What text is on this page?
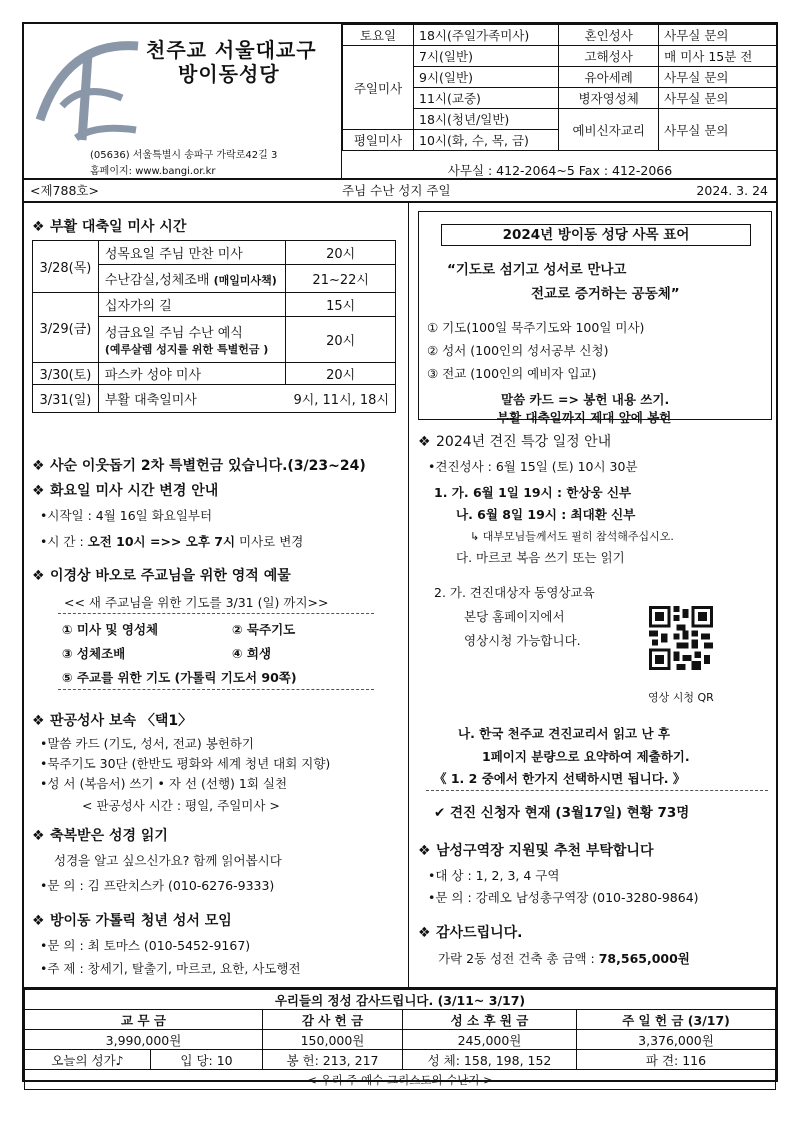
천주교 서울대교구
방이동성당
(05636) 서울특별시 송파구 가락로42길 3
홈페이지: www.bangi.or.kr
토요일	18시(주일가족미사)	혼인성사	사무실 문의
주일미사	7시(일반)	고해성사	매 미사 15분 전
	9시(일반)	유아세례	사무실 문의
	11시(교중)	병자영성체	사무실 문의
	18시(청년/일반)	예비신자교리	사무실 문의
평일미사	10시(화, 수, 목, 금)		
사무실 : 412-2064~5 Fax : 412-2066
<제788호>	주님 수난 성지 주일	2024. 3. 24
❖ 부활 대축일 미사 시간
3/28(목)	성목요일 주님 만찬 미사	20시
	수난감실,성체조배 (매일미사책)	21~22시
3/29(금)	십자가의 길	15시

	성금요일 주님 수난 예식
(예루살렘 성지를 위한 특별헌금 )	20시
3/30(토)	파스카 성야 미사	20시
3/31(일)	부활 대축일미사	9시, 11시, 18시
❖ 사순 이웃돕기 2차 특별헌금 있습니다.(3/23~24)
❖ 화요일 미사 시간 변경 안내
•시작일 : 4월 16일 화요일부터
•시 간 : 오전 10시 =>> 오후 7시 미사로 변경
❖ 이경상 바오로 주교님을 위한 영적 예물
<< 새 주교님을 위한 기도를 3/31 (일) 까지>>
① 미사 및 영성체	② 묵주기도
③ 성체조배	④ 희생
⑤ 주교를 위한 기도 (가톨릭 기도서 90쪽)
❖ 판공성사 보속 〈택1〉
•말씀 카드 (기도, 성서, 전교) 봉헌하기
•묵주기도 30단 (한반도 평화와 세계 청년 대회 지향)
•성 서 (복음서) 쓰기 • 자 선 (선행) 1회 실천
< 판공성사 시간 : 평일, 주일미사 >
❖ 축복받은 성경 읽기
성경을 알고 싶으신가요? 함께 읽어봅시다
•문 의 : 김 프란치스카 (010-6276-9333)
❖ 방이동 가톨릭 청년 성서 모임
•문 의 : 최 토마스 (010-5452-9167)
•주 제 : 창세기, 탈출기, 마르코, 요한, 사도행전
2024년 방이동 성당 사목 표어
“기도로 섬기고 성서로 만나고
전교로 증거하는 공동체”
① 기도(100일 묵주기도와 100일 미사)
② 성서 (100인의 성서공부 신청)
③ 전교 (100인의 예비자 입교)
말씀 카드 => 봉헌 내용 쓰기.
부활 대축일까지 제대 앞에 봉헌
❖ 2024년 견진 특강 일정 안내
•견진성사 : 6월 15일 (토) 10시 30분
1. 가. 6월 1일 19시 : 한상웅 신부
나. 6월 8일 19시 : 최대환 신부
↳ 대부모님들께서도 필히 참석해주십시오.
다. 마르코 복음 쓰기 또는 읽기
2. 가. 견진대상자 동영상교육
본당 홈페이지에서
영상시청 가능합니다.
영상 시청 QR
나. 한국 천주교 견진교리서 읽고 난 후
1페이지 분량으로 요약하여 제출하기.
《 1. 2 중에서 한가지 선택하시면 됩니다. 》
✔ 견진 신청자 현재 (3월17일) 현황 73명
❖ 남성구역장 지원및 추천 부탁합니다
•대 상 : 1, 2, 3, 4 구역
•문 의 : 강레오 남성총구역장 (010-3280-9864)
❖ 감사드립니다.
가락 2동 성전 건축 총 금액 : 78,565,000원
우리들의 정성 감사드립니다. (3/11~ 3/17)				
교 무 금		감 사 헌 금	성 소 후 원 금	주 일 헌 금 (3/17)
3,990,000원		150,000원	245,000원	3,376,000원
오늘의 성가♪	입 당: 10	봉 헌: 213, 217	성 체: 158, 198, 152	파 견: 116
< 우리 주 예수 그리스도의 수난기 >				
